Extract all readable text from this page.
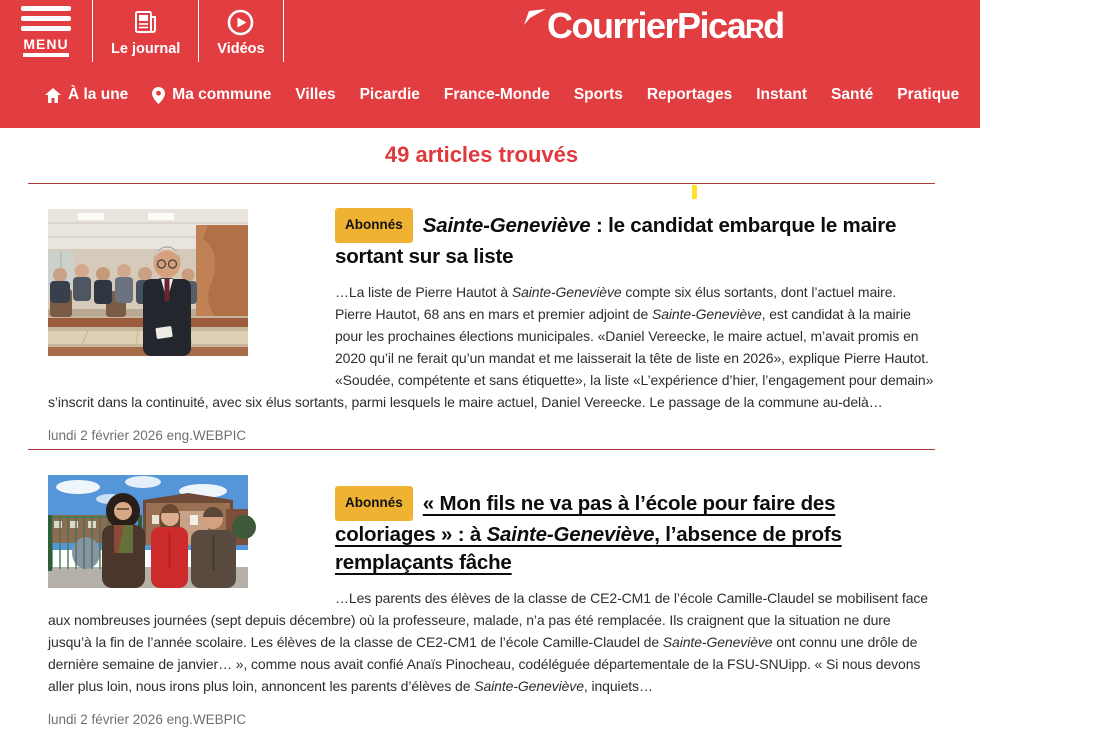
MENU	Le journal	Vidéos
CourrierPicaRd
À la une	Ma commune Villes Picardie France-Monde Sports Reportages Instant Santé Pratique Sorties et loisirs
49 articles trouvés
Abonnés Sainte-Geneviève : le candidat embarque le maire sortant sur sa liste

…La liste de Pierre Hautot à Sainte-Geneviève compte six élus sortants, dont l’actuel maire. Pierre Hautot, 68 ans en mars et premier adjoint de Sainte-Geneviève, est candidat à la mairie pour les prochaines élections municipales. «Daniel Vereecke, le maire actuel, m’avait promis en 2020 qu’il ne ferait qu’un mandat et me laisserait la tête de liste en 2026», explique Pierre Hautot. «Soudée, compétente et sans étiquette», la liste «L’expérience d’hier, l’engagement pour demain» s’inscrit dans la continuité, avec six élus sortants, parmi lesquels le maire actuel, Daniel Vereecke. Le passage de la commune au-delà…

lundi 2 février 2026 eng.WEBPIC
Abonnés « Mon fils ne va pas à l’école pour faire des coloriages » : à Sainte-Geneviève, l’absence de profs remplaçants fâche

…Les parents des élèves de la classe de CE2-CM1 de l’école Camille-Claudel se mobilisent face aux nombreuses journées (sept depuis décembre) où la professeure, malade, n’a pas été remplacée. Ils craignent que la situation ne dure jusqu’à la fin de l’année scolaire. Les élèves de la classe de CE2-CM1 de l’école Camille-Claudel de Sainte-Geneviève ont connu une drôle de dernière semaine de janvier… », comme nous avait confié Anaïs Pinocheau, codéléguée départementale de la FSU-SNUipp. « Si nous devons aller plus loin, nous irons plus loin, annoncent les parents d’élèves de Sainte-Geneviève, inquiets…

lundi 2 février 2026 eng.WEBPIC
